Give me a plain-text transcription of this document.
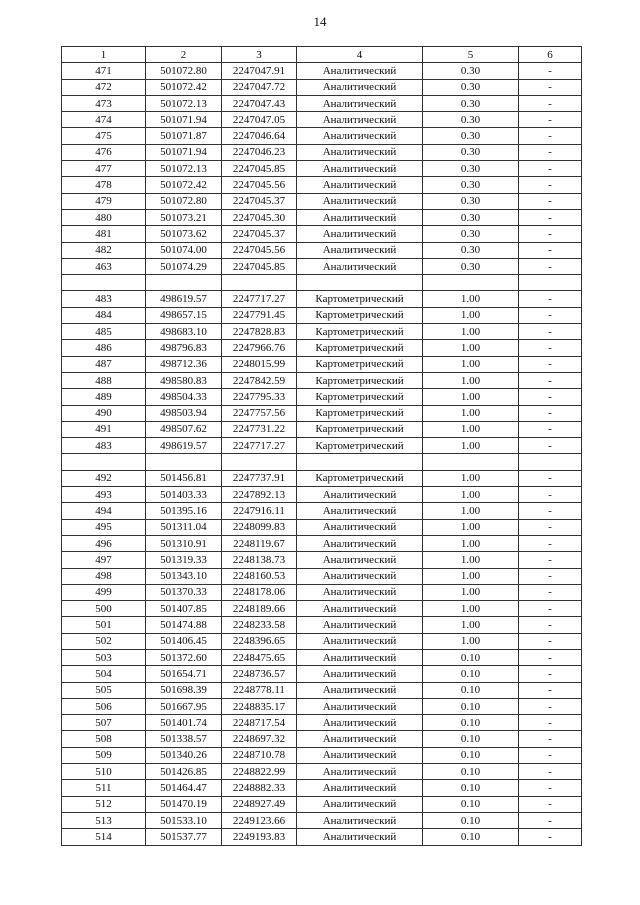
14
1	2	3	4	5	6
471	501072.80	2247047.91	Аналитический	0.30	-
472	501072.42	2247047.72	Аналитический	0.30	-
473	501072.13	2247047.43	Аналитический	0.30	-
474	501071.94	2247047.05	Аналитический	0.30	-
475	501071.87	2247046.64	Аналитический	0.30	-
476	501071.94	2247046.23	Аналитический	0.30	-
477	501072.13	2247045.85	Аналитический	0.30	-
478	501072.42	2247045.56	Аналитический	0.30	-
479	501072.80	2247045.37	Аналитический	0.30	-
480	501073.21	2247045.30	Аналитический	0.30	-
481	501073.62	2247045.37	Аналитический	0.30	-
482	501074.00	2247045.56	Аналитический	0.30	-
463	501074.29	2247045.85	Аналитический	0.30	-

483	498619.57	2247717.27	Картометрический	1.00	-
484	498657.15	2247791.45	Картометрический	1.00	-
485	498683.10	2247828.83	Картометрический	1.00	-
486	498796.83	2247966.76	Картометрический	1.00	-
487	498712.36	2248015.99	Картометрический	1.00	-
488	498580.83	2247842.59	Картометрический	1.00	-
489	498504.33	2247795.33	Картометрический	1.00	-
490	498503.94	2247757.56	Картометрический	1.00	-
491	498507.62	2247731.22	Картометрический	1.00	-
483	498619.57	2247717.27	Картометрический	1.00	-

492	501456.81	2247737.91	Картометрический	1.00	-
493	501403.33	2247892.13	Аналитический	1.00	-
494	501395.16	2247916.11	Аналитический	1.00	-
495	501311.04	2248099.83	Аналитический	1.00	-
496	501310.91	2248119.67	Аналитический	1.00	-
497	501319.33	2248138.73	Аналитический	1.00	-
498	501343.10	2248160.53	Аналитический	1.00	-
499	501370.33	2248178.06	Аналитический	1.00	-
500	501407.85	2248189.66	Аналитический	1.00	-
501	501474.88	2248233.58	Аналитический	1.00	-
502	501406.45	2248396.65	Аналитический	1.00	-
503	501372.60	2248475.65	Аналитический	0.10	-
504	501654.71	2248736.57	Аналитический	0.10	-
505	501698.39	2248778.11	Аналитический	0.10	-
506	501667.95	2248835.17	Аналитический	0.10	-
507	501401.74	2248717.54	Аналитический	0.10	-
508	501338.57	2248697.32	Аналитический	0.10	-
509	501340.26	2248710.78	Аналитический	0.10	-
510	501426.85	2248822.99	Аналитический	0.10	-
511	501464.47	2248882.33	Аналитический	0.10	-
512	501470.19	2248927.49	Аналитический	0.10	-
513	501533.10	2249123.66	Аналитический	0.10	-
514	501537.77	2249193.83	Аналитический	0.10	-
